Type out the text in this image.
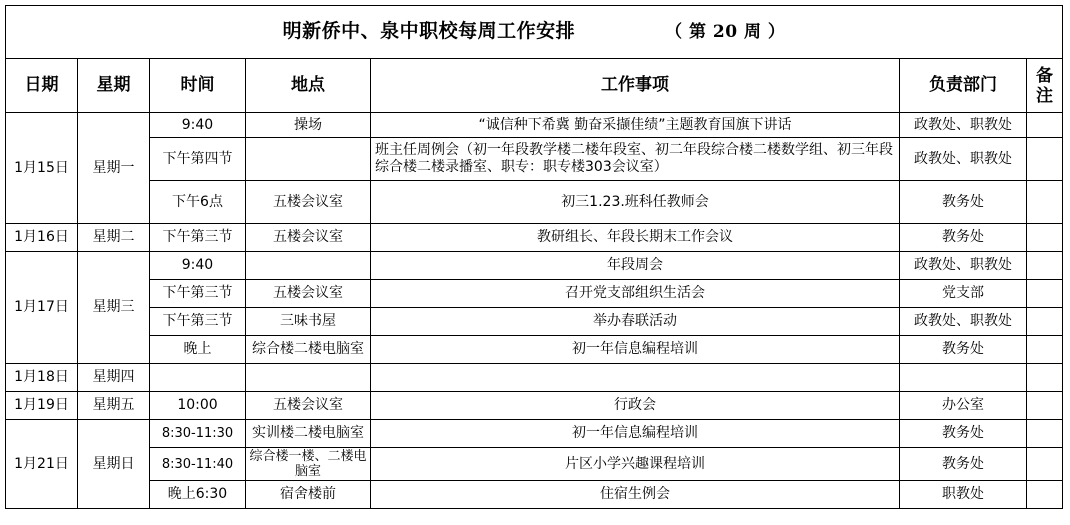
明新侨中、泉中职校每周工作安排 （ 第 20 周 ）						
日期	星期	时间	地点	工作事项	负责部门	备注
1月15日	星期一	9:40	操场	“诚信种下希冀 勤奋采撷佳绩”主题教育国旗下讲话	政教处、职教处	
		下午第四节		班主任周例会（初一年段教学楼二楼年段室、初二年段综合楼二楼数学组、初三年段综合楼二楼录播室、职专：职专楼303会议室）	政教处、职教处	
		下午6点	五楼会议室	初三1.23.班科任教师会	教务处	
1月16日	星期二	下午第三节	五楼会议室	教研组长、年段长期末工作会议	教务处	
1月17日	星期三	9:40		年段周会	政教处、职教处	
		下午第三节	五楼会议室	召开党支部组织生活会	党支部	
		下午第三节	三味书屋	举办春联活动	政教处、职教处	
		晚上	综合楼二楼电脑室	初一年信息编程培训	教务处	
1月18日	星期四					
1月19日	星期五	10:00	五楼会议室	行政会	办公室	
1月21日	星期日	8:30-11:30	实训楼二楼电脑室	初一年信息编程培训	教务处	
		8:30-11:40	综合楼一楼、二楼电脑室	片区小学兴趣课程培训	教务处	
		晚上6:30	宿舍楼前	住宿生例会	职教处	
